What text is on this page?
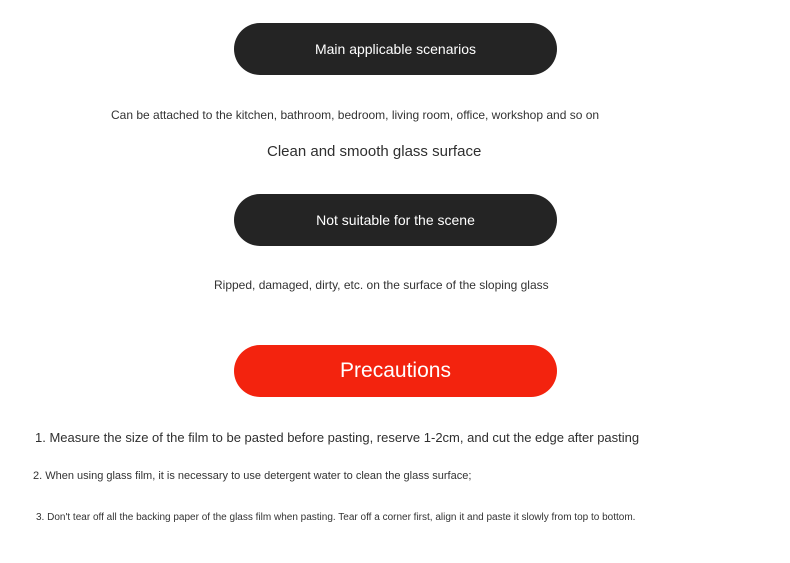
Main applicable scenarios
Can be attached to the kitchen, bathroom, bedroom, living room, office, workshop and so on
Clean and smooth glass surface
Not suitable for the scene
Ripped, damaged, dirty, etc. on the surface of the sloping glass
Precautions
1. Measure the size of the film to be pasted before pasting, reserve 1-2cm, and cut the edge after pasting
2. When using glass film, it is necessary to use detergent water to clean the glass surface;
3. Don't tear off all the backing paper of the glass film when pasting. Tear off a corner first, align it and paste it slowly from top to bottom.
